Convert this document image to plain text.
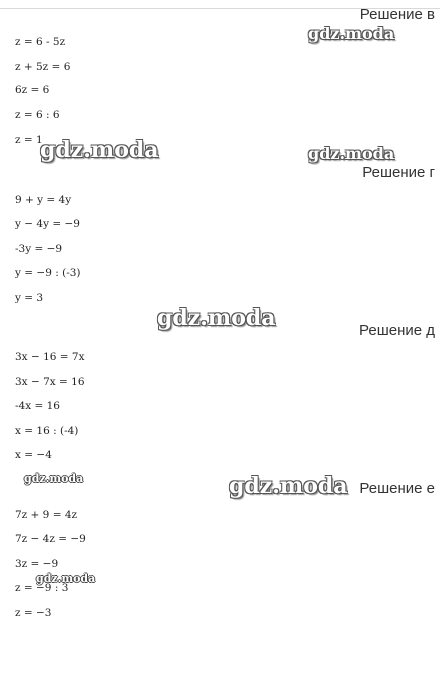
Решение в
z = 6 - 5z
z + 5z = 6
6z = 6
z = 6 : 6
z = 1
Решение г
9 + y = 4y
y − 4y = −9
-3y = −9
y = −9 : (-3)
y = 3
Решение д
3x − 16 = 7x
3x − 7x = 16
-4x = 16
x = 16 : (-4)
x = −4
Решение е
7z + 9 = 4z
7z − 4z = −9
3z = −9
z = −9 : 3
z = −3
gdz.moda
gdz.moda	gdz.moda
gdz.moda
gdz.moda	gdz.moda
gdz.moda
